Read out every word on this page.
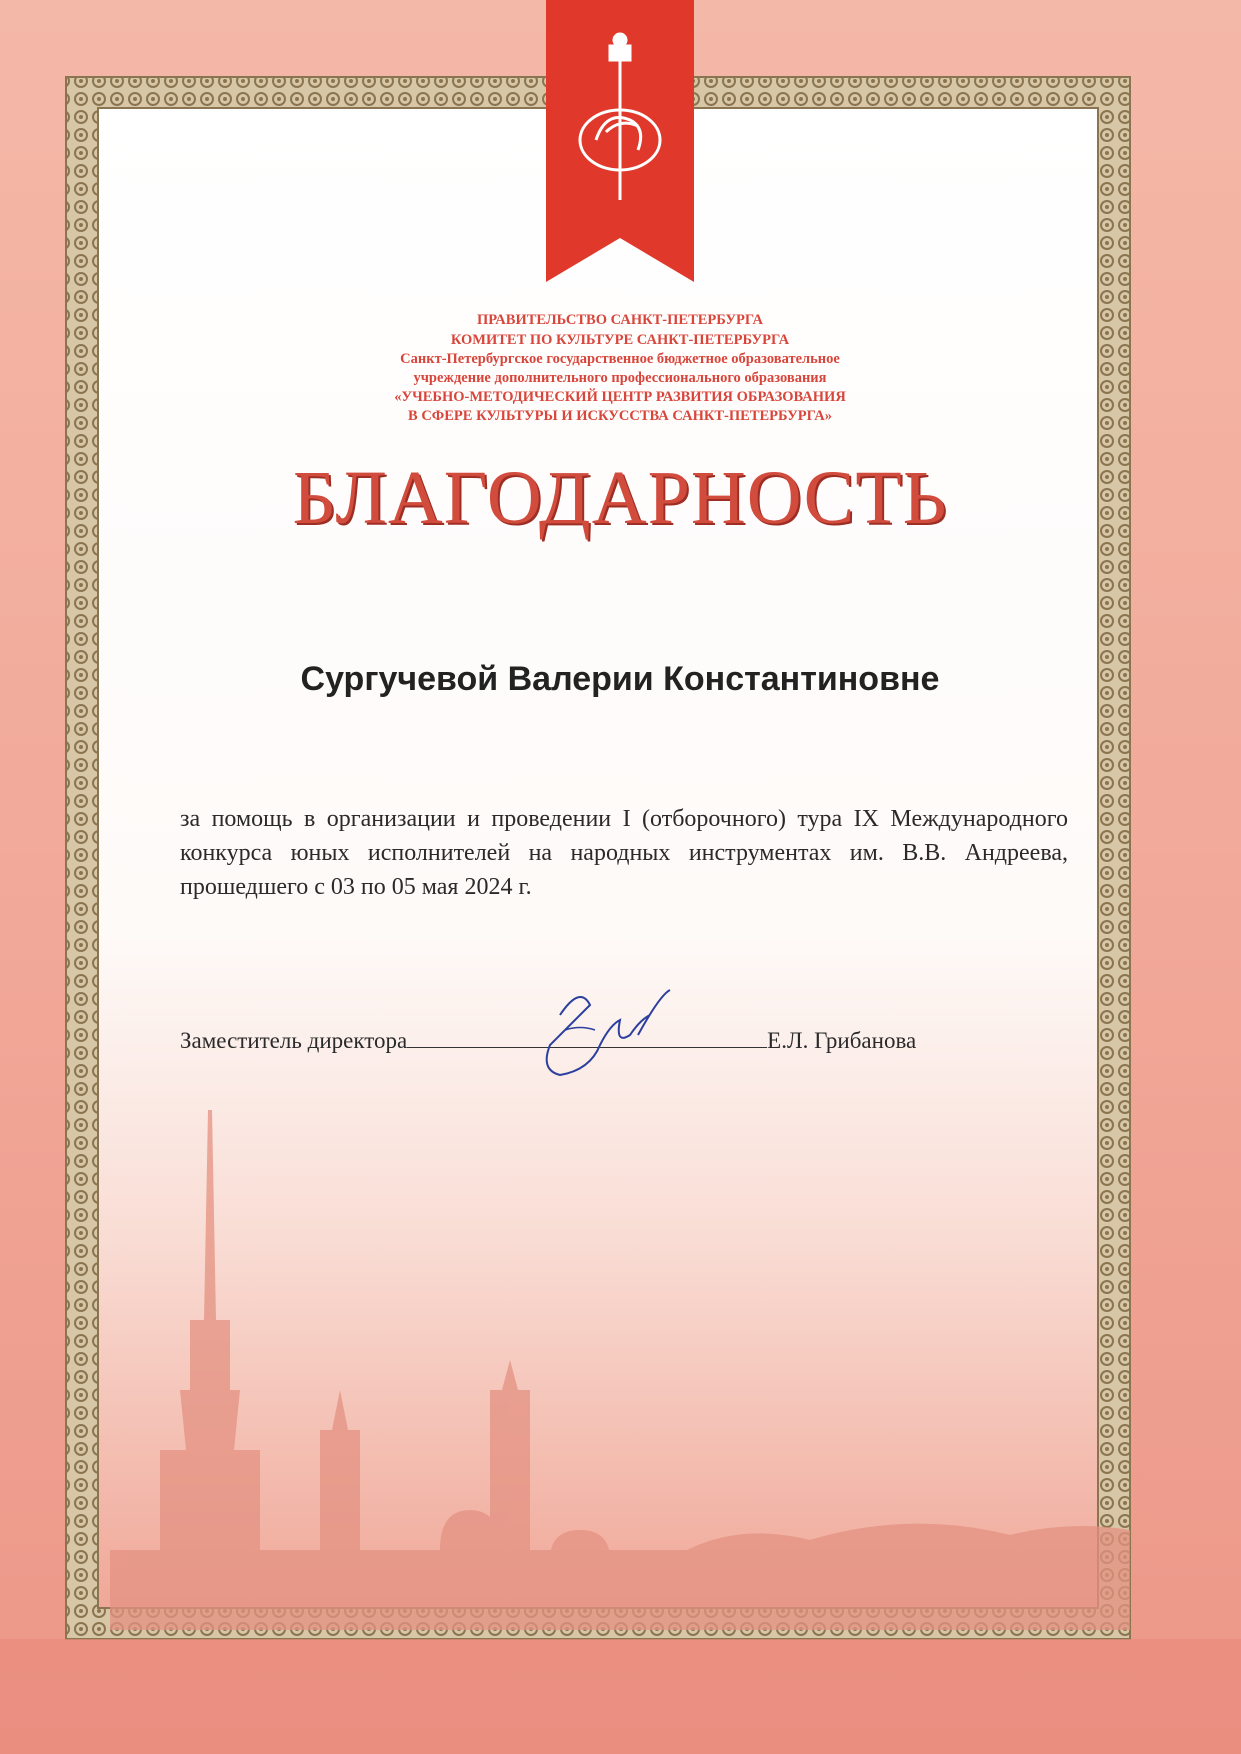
ПРАВИТЕЛЬСТВО САНКТ-ПЕТЕРБУРГА
КОМИТЕТ ПО КУЛЬТУРЕ САНКТ-ПЕТЕРБУРГА
Санкт-Петербургское государственное бюджетное образовательное
учреждение дополнительного профессионального образования
«УЧЕБНО-МЕТОДИЧЕСКИЙ ЦЕНТР РАЗВИТИЯ ОБРАЗОВАНИЯ
В СФЕРЕ КУЛЬТУРЫ И ИСКУССТВА САНКТ-ПЕТЕРБУРГА»
БЛАГОДАРНОСТЬ
Сургучевой Валерии Константиновне
за помощь в организации и проведении I (отборочного) тура IX Международного конкурса юных исполнителей на народных инструментах им. В.В. Андреева, прошедшего с 03 по 05 мая 2024 г.
Заместитель директора	Е.Л. Грибанова
